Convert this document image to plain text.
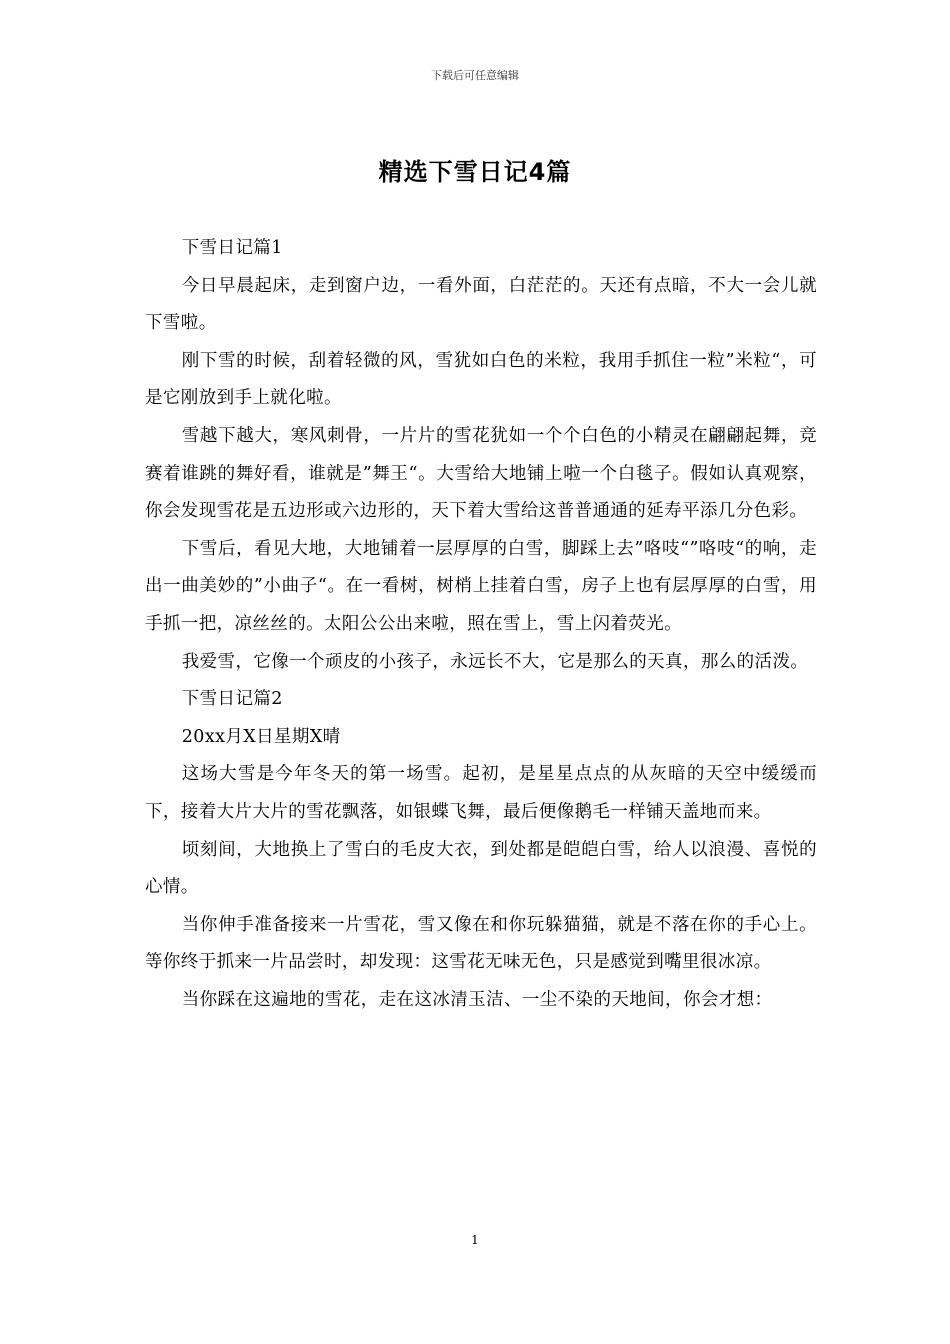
下载后可任意编辑
精选下雪日记4篇

下雪日记篇1

今日早晨起床，走到窗户边，一看外面，白茫茫的。天还有点暗，不大一会儿就下雪啦。

刚下雪的时候，刮着轻微的风，雪犹如白色的米粒，我用手抓住一粒”米粒“，可是它刚放到手上就化啦。

雪越下越大，寒风刺骨，一片片的雪花犹如一个个白色的小精灵在翩翩起舞，竞赛着谁跳的舞好看，谁就是”舞王“。大雪给大地铺上啦一个白毯子。假如认真观察，你会发现雪花是五边形或六边形的，天下着大雪给这普普通通的延寿平添几分色彩。

下雪后，看见大地，大地铺着一层厚厚的白雪，脚踩上去”咯吱“”咯吱“的响，走出一曲美妙的”小曲子“。在一看树，树梢上挂着白雪，房子上也有层厚厚的白雪，用手抓一把，凉丝丝的。太阳公公出来啦，照在雪上，雪上闪着荧光。

我爱雪，它像一个顽皮的小孩子，永远长不大，它是那么的天真，那么的活泼。

下雪日记篇2

20xx月X日星期X晴

这场大雪是今年冬天的第一场雪。起初，是星星点点的从灰暗的天空中缓缓而下，接着大片大片的雪花飘落，如银蝶飞舞，最后便像鹅毛一样铺天盖地而来。

顷刻间，大地换上了雪白的毛皮大衣，到处都是皑皑白雪，给人以浪漫、喜悦的心情。

当你伸手准备接来一片雪花，雪又像在和你玩躲猫猫，就是不落在你的手心上。等你终于抓来一片品尝时，却发现：这雪花无味无色，只是感觉到嘴里很冰凉。

当你踩在这遍地的雪花，走在这冰清玉洁、一尘不染的天地间，你会才想：

1
